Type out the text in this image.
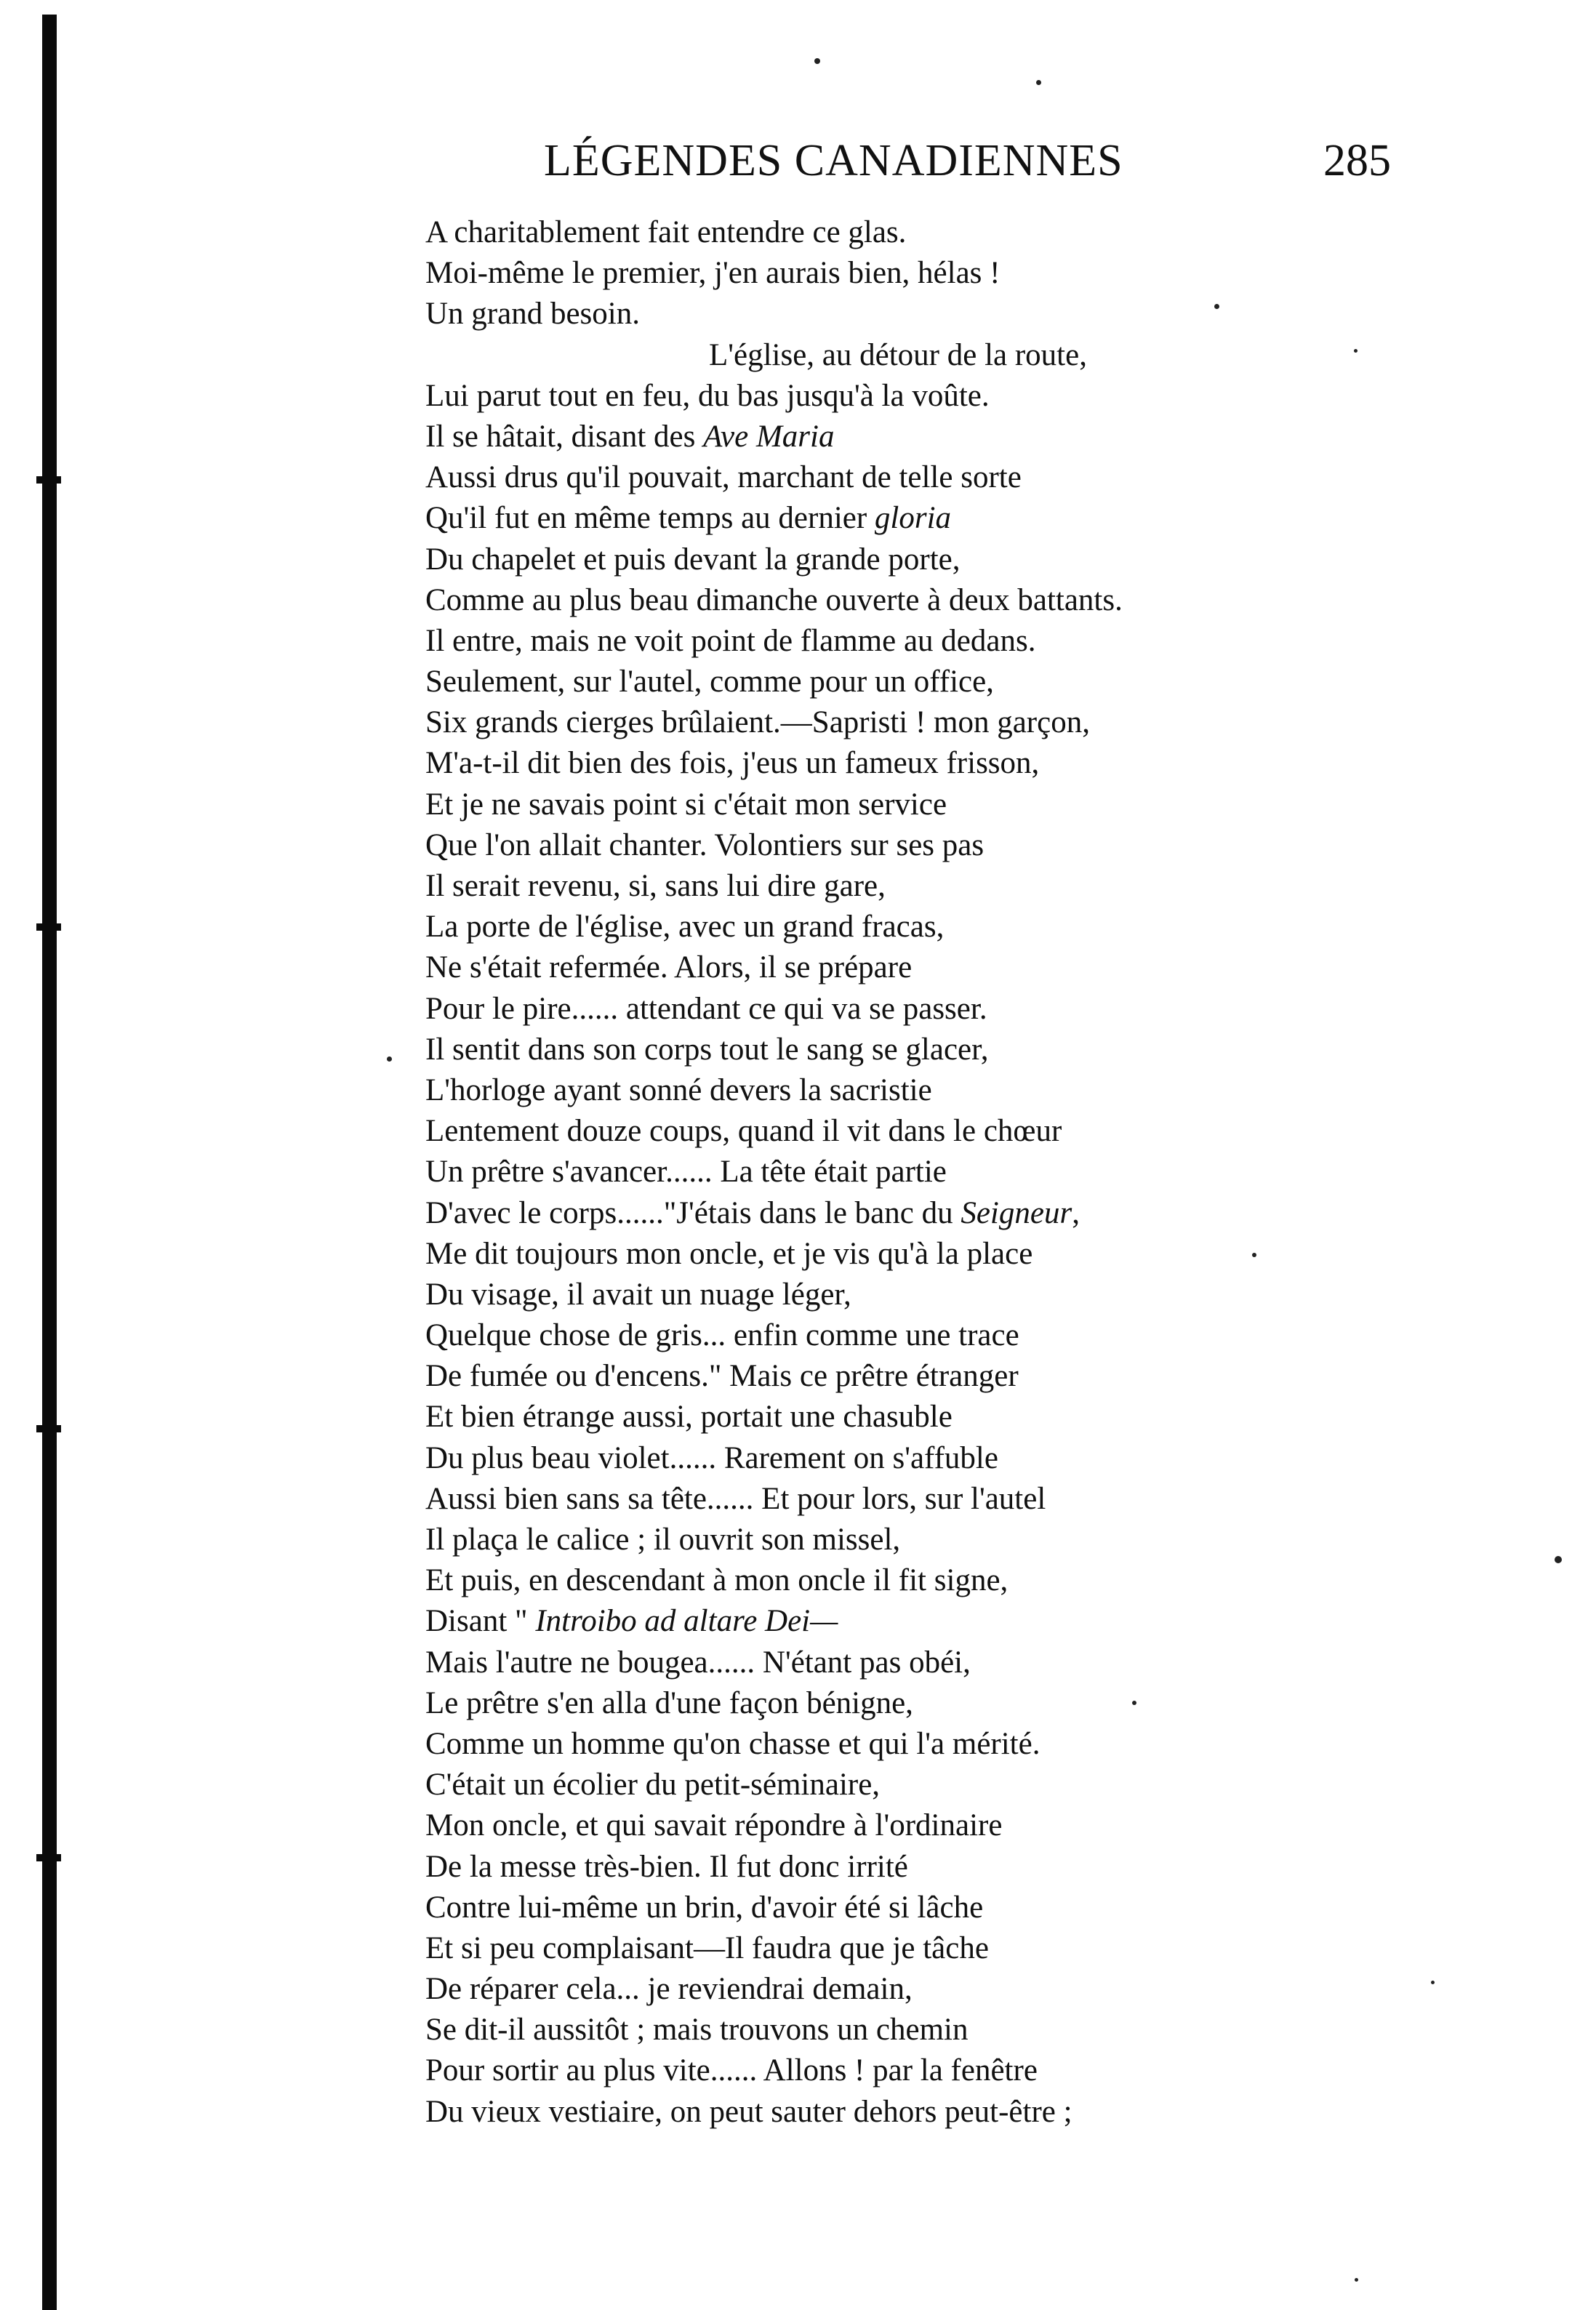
LÉGENDES CANADIENNES	285
A charitablement fait entendre ce glas.
Moi-même le premier, j'en aurais bien, hélas !
Un grand besoin.
L'église, au détour de la route,
Lui parut tout en feu, du bas jusqu'à la voûte.
Il se hâtait, disant des Ave Maria
Aussi drus qu'il pouvait, marchant de telle sorte
Qu'il fut en même temps au dernier gloria
Du chapelet et puis devant la grande porte,
Comme au plus beau dimanche ouverte à deux battants.
Il entre, mais ne voit point de flamme au dedans.
Seulement, sur l'autel, comme pour un office,
Six grands cierges brûlaient.—Sapristi ! mon garçon,
M'a-t-il dit bien des fois, j'eus un fameux frisson,
Et je ne savais point si c'était mon service
Que l'on allait chanter. Volontiers sur ses pas
Il serait revenu, si, sans lui dire gare,
La porte de l'église, avec un grand fracas,
Ne s'était refermée. Alors, il se prépare
Pour le pire...... attendant ce qui va se passer.
Il sentit dans son corps tout le sang se glacer,
L'horloge ayant sonné devers la sacristie
Lentement douze coups, quand il vit dans le chœur
Un prêtre s'avancer...... La tête était partie
D'avec le corps......"J'étais dans le banc du Seigneur,
Me dit toujours mon oncle, et je vis qu'à la place
Du visage, il avait un nuage léger,
Quelque chose de gris... enfin comme une trace
De fumée ou d'encens." Mais ce prêtre étranger
Et bien étrange aussi, portait une chasuble
Du plus beau violet...... Rarement on s'affuble
Aussi bien sans sa tête...... Et pour lors, sur l'autel
Il plaça le calice ; il ouvrit son missel,
Et puis, en descendant à mon oncle il fit signe,
Disant " Introibo ad altare Dei—
Mais l'autre ne bougea...... N'étant pas obéi,
Le prêtre s'en alla d'une façon bénigne,
Comme un homme qu'on chasse et qui l'a mérité.
C'était un écolier du petit-séminaire,
Mon oncle, et qui savait répondre à l'ordinaire
De la messe très-bien. Il fut donc irrité
Contre lui-même un brin, d'avoir été si lâche
Et si peu complaisant—Il faudra que je tâche
De réparer cela... je reviendrai demain,
Se dit-il aussitôt ; mais trouvons un chemin
Pour sortir au plus vite...... Allons ! par la fenêtre
Du vieux vestiaire, on peut sauter dehors peut-être ;
